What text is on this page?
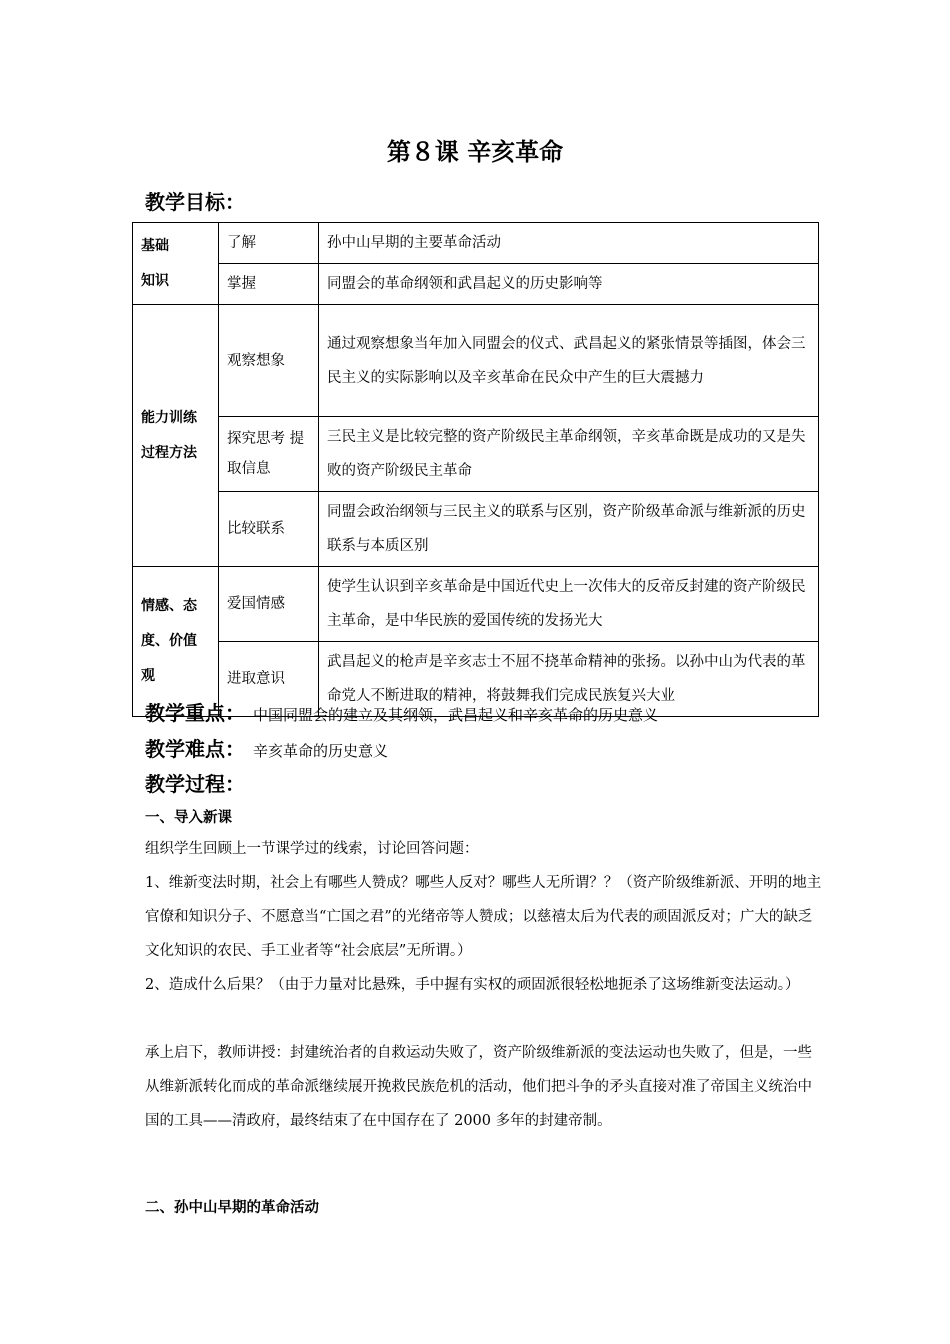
第８课 辛亥革命
教学目标：
基础
知识	了解	孙中山早期的主要革命活动
	掌握	同盟会的革命纲领和武昌起义的历史影响等

能力训练
过程方法	观察想象	通过观察想象当年加入同盟会的仪式、武昌起义的紧张情景等插图，体会三民主义的实际影响以及辛亥革命在民众中产生的巨大震撼力
	探究思考 提取信息	三民主义是比较完整的资产阶级民主革命纲领，辛亥革命既是成功的又是失败的资产阶级民主革命
	比较联系	同盟会政治纲领与三民主义的联系与区别，资产阶级革命派与维新派的历史联系与本质区别

情感、态
度、价值
观	爱国情感	使学生认识到辛亥革命是中国近代史上一次伟大的反帝反封建的资产阶级民主革命，是中华民族的爱国传统的发扬光大
	进取意识	武昌起义的枪声是辛亥志士不屈不挠革命精神的张扬。以孙中山为代表的革命党人不断进取的精神，将鼓舞我们完成民族复兴大业
教学重点： 中国同盟会的建立及其纲领，武昌起义和辛亥革命的历史意义
教学难点： 辛亥革命的历史意义
教学过程：
一、导入新课
组织学生回顾上一节课学过的线索，讨论回答问题：
1、维新变法时期，社会上有哪些人赞成？哪些人反对？哪些人无所谓？？（资产阶级维新派、开明的地主官僚和知识分子、不愿意当“亡国之君”的光绪帝等人赞成；以慈禧太后为代表的顽固派反对；广大的缺乏文化知识的农民、手工业者等“社会底层”无所谓。）
2、造成什么后果？（由于力量对比悬殊，手中握有实权的顽固派很轻松地扼杀了这场维新变法运动。）
承上启下，教师讲授：封建统治者的自救运动失败了，资产阶级维新派的变法运动也失败了，但是，一些从维新派转化而成的革命派继续展开挽救民族危机的活动，他们把斗争的矛头直接对准了帝国主义统治中国的工具——清政府，最终结束了在中国存在了 2000 多年的封建帝制。
二、孙中山早期的革命活动
